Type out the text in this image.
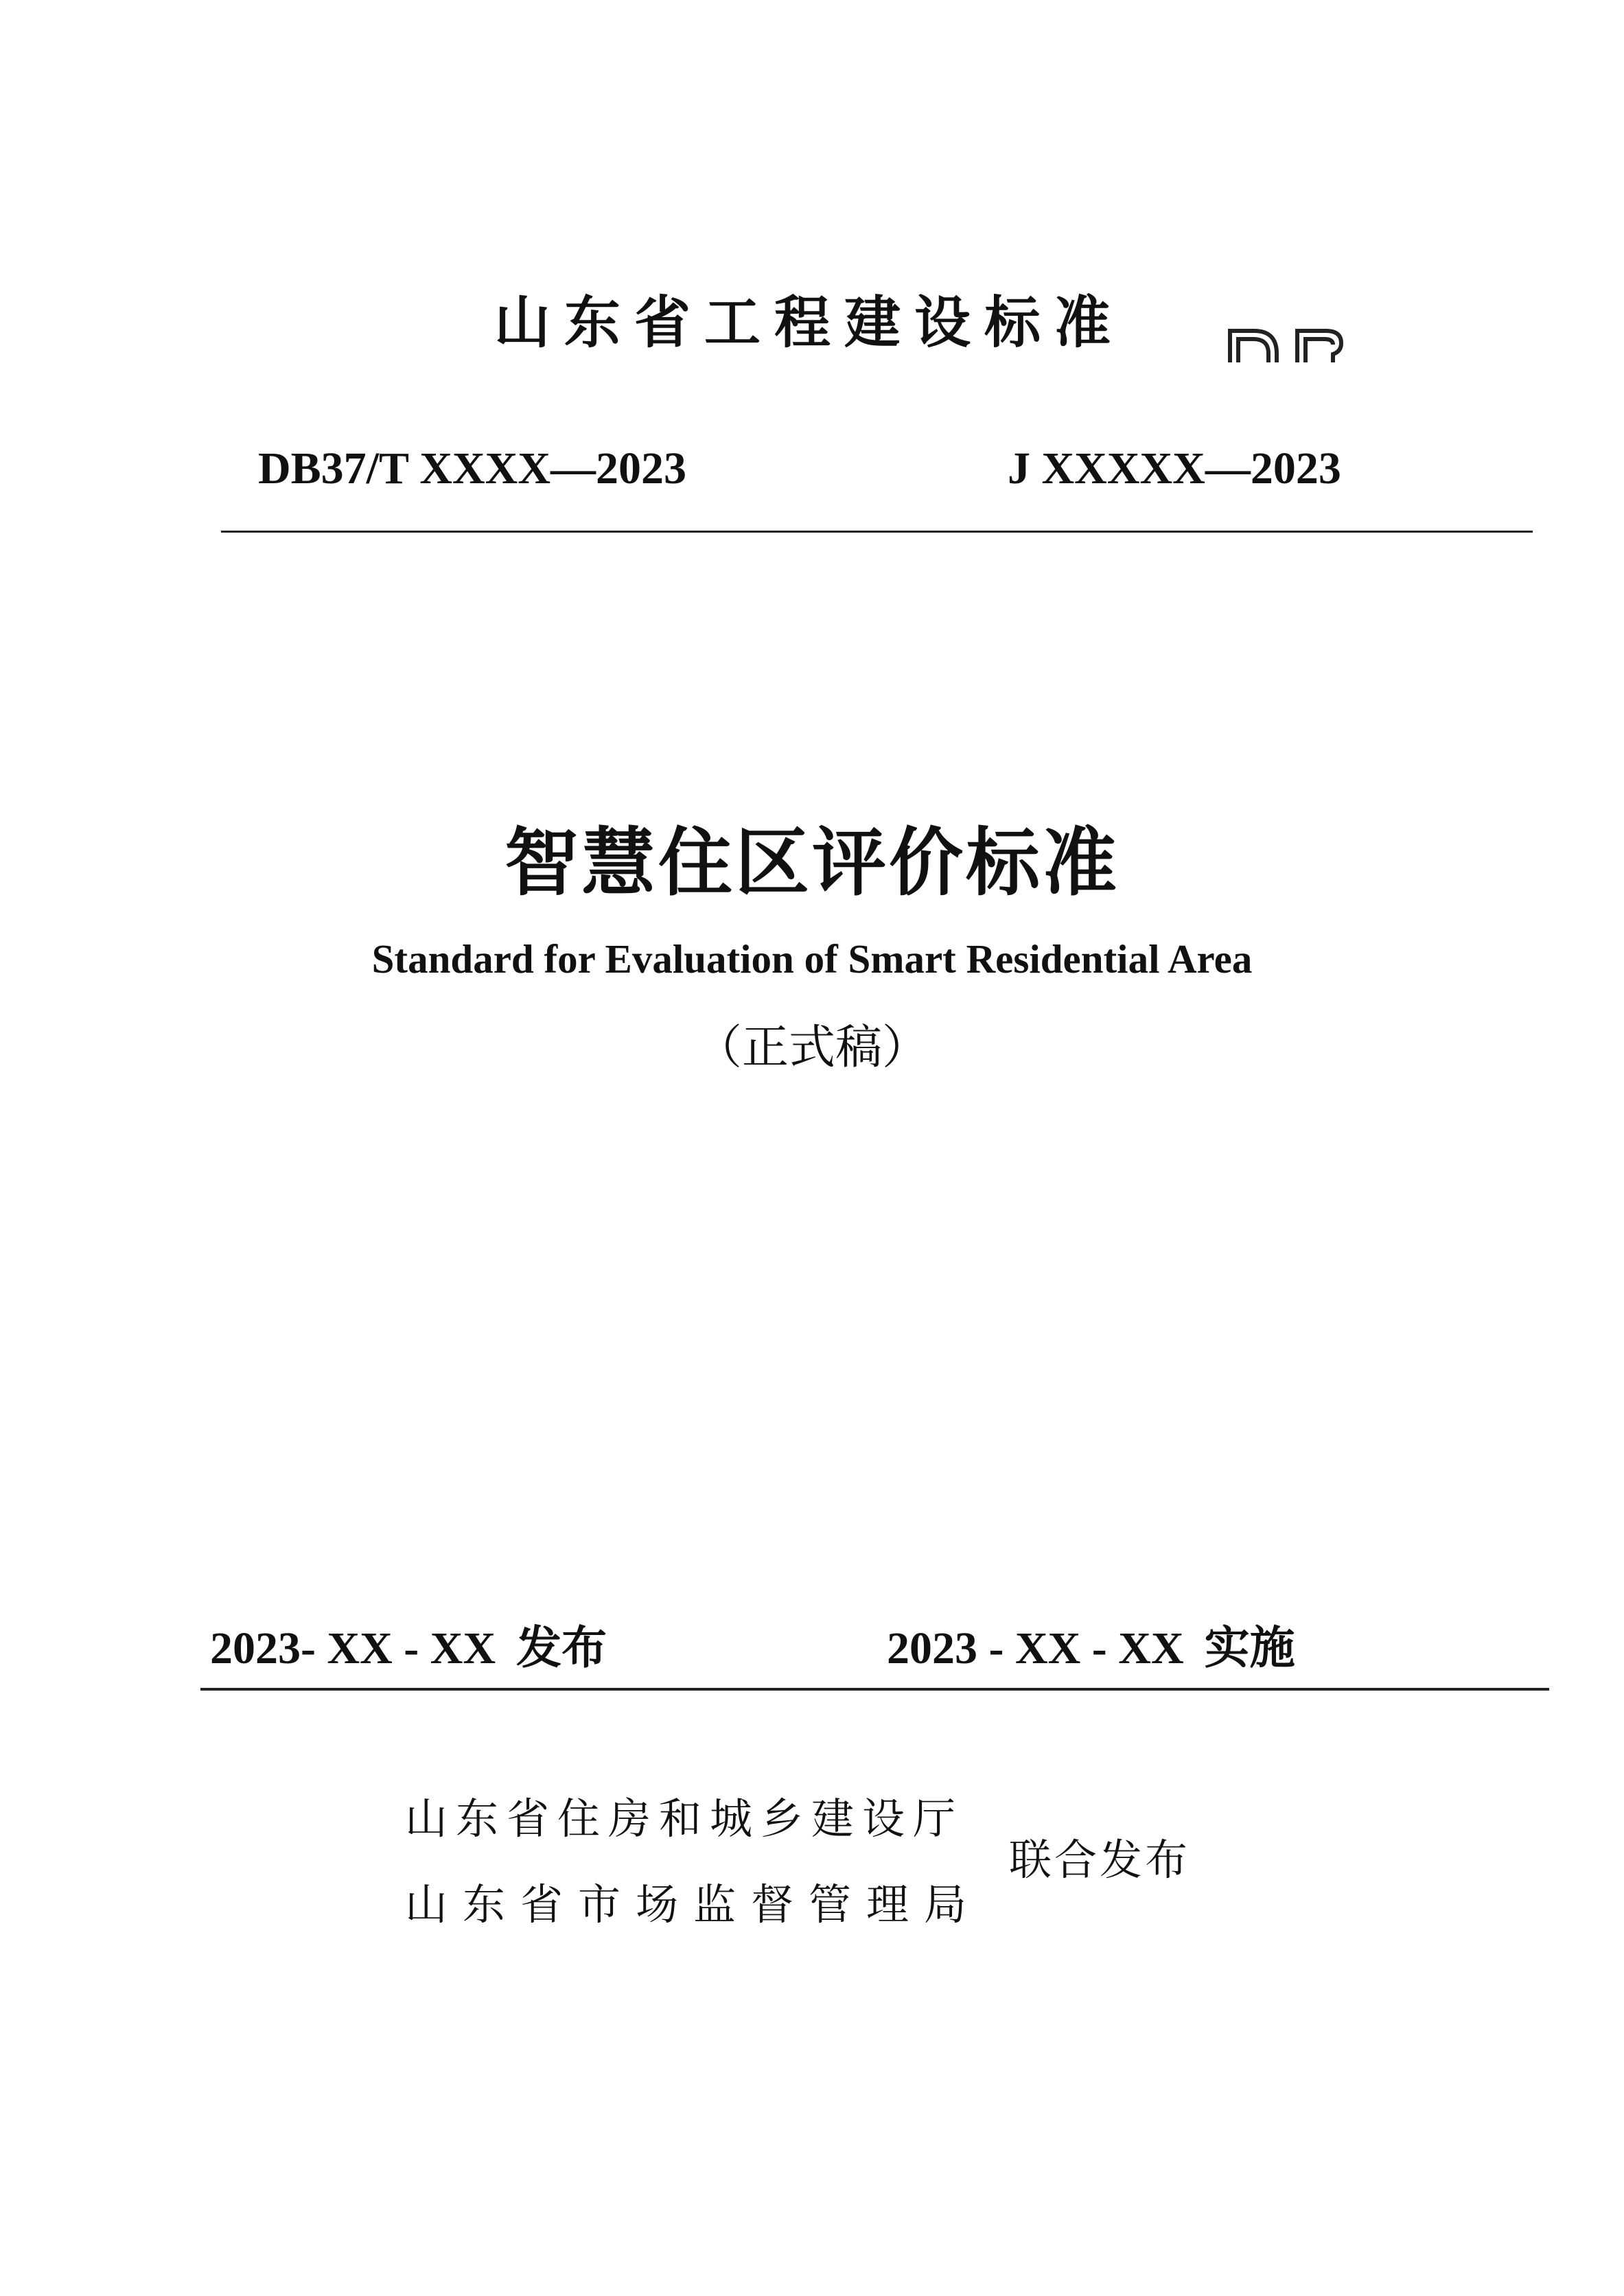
山东省工程建设标准
DB37/T XXXX—2023	J XXXXX—2023
智慧住区评价标准
Standard for Evaluation of Smart Residential Area
（正式稿）
2023- XX - XX 发布	2023 - XX - XX 实施
山东省住房和城乡建设厅
山东省市场监督管理局
联合发布
